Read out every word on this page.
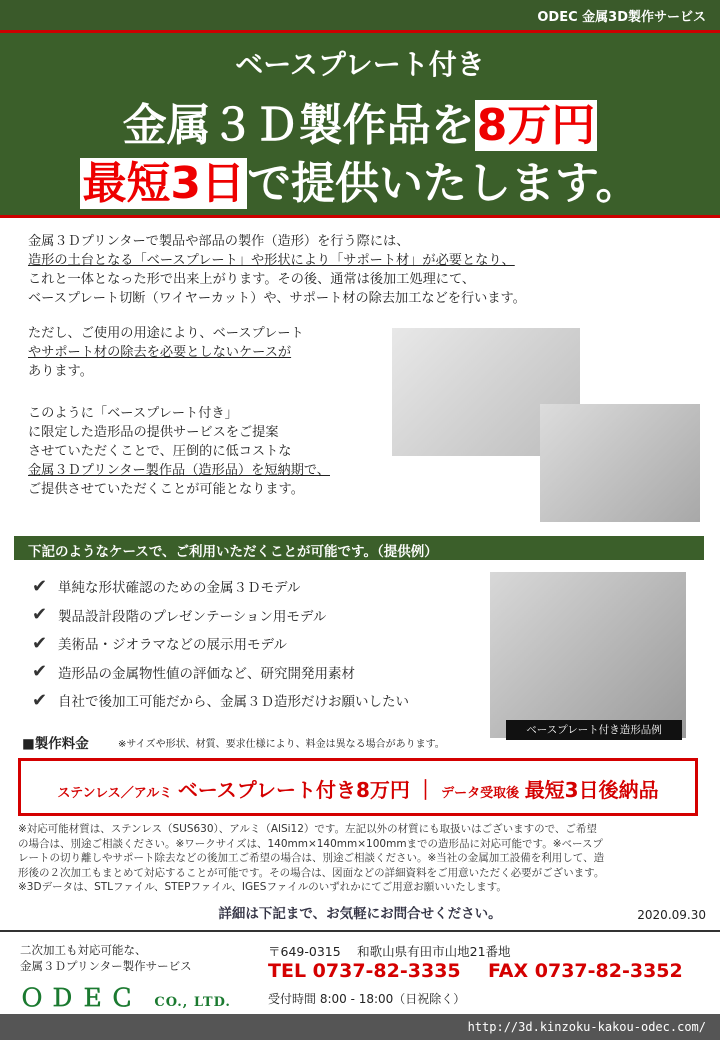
ODEC 金属3D製作サービス
ベースプレート付き
金属３Ｄ製作品を8万円
最短3日で提供いたします。

金属３Ｄプリンターで製品や部品の製作（造形）を行う際には、

造形の土台となる「ベースプレート」や形状により「サポート材」が必要となり、

これと一体となった形で出来上がります。その後、通常は後加工処理にて、

ベースプレート切断（ワイヤーカット）や、サポート材の除去加工などを行います。

ただし、ご使用の用途により、ベースプレート

やサポート材の除去を必要としないケースが

あります。

このように「ベースプレート付き」

に限定した造形品の提供サービスをご提案

させていただくことで、圧倒的に低コストな

金属３Ｄプリンター製作品（造形品）を短納期で、

ご提供させていただくことが可能となります。

下記のようなケースで、ご利用いただくことが可能です。（提供例）
✔ 単純な形状確認のための金属３Ｄモデル
✔ 製品設計段階のプレゼンテーション用モデル
✔ 美術品・ジオラマなどの展示用モデル
✔ 造形品の金属物性値の評価など、研究開発用素材
✔ 自社で後加工可能だから、金属３Ｄ造形だけお願いしたい
ベースプレート付き造形品例
■製作料金	※サイズや形状、材質、要求仕様により、料金は異なる場合があります。
ステンレス／アルミ ベースプレート付き8万円 ｜ データ受取後 最短3日後納品

※対応可能材質は、ステンレス（SUS630）、アルミ（AlSi12）です。左記以外の材質にも取扱いはございますので、ご希望

の場合は、別途ご相談ください。※ワークサイズは、140mm×140mm×100mmまでの造形品に対応可能です。※ベースプ

レートの切り離しやサポート除去などの後加工ご希望の場合は、別途ご相談ください。※当社の金属加工設備を利用して、造

形後の２次加工もまとめて対応することが可能です。その場合は、図面などの詳細資料をご用意いただく必要がございます。

※3Dデータは、STLファイル、STEPファイル、IGESファイルのいずれかにてご用意お願いいたします。

詳細は下記まで、お気軽にお問合せください。	2020.09.30
二次加工も対応可能な、
金属３Ｄプリンター製作サービス
ＯＤＥＣ CO., LTD.
〒649-0315　 和歌山県有田市山地21番地
TEL 0737-82-3335 FAX 0737-82-3352
受付時間 8:00 - 18:00（日祝除く）
http://3d.kinzoku-kakou-odec.com/
